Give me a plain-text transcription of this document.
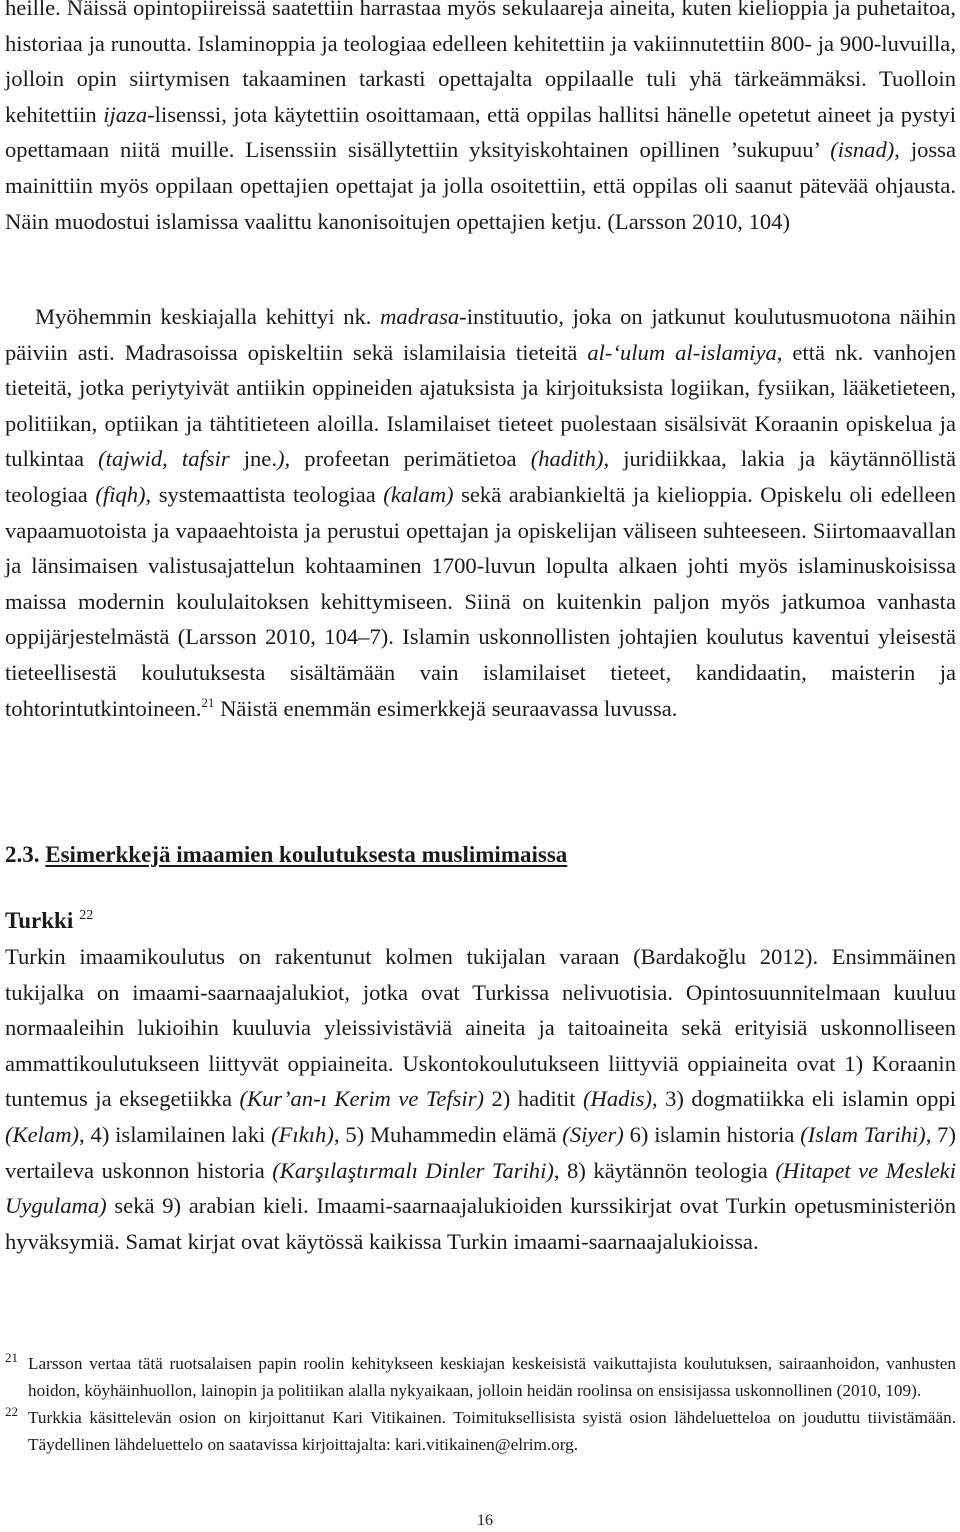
heille. Näissä opintopiireissä saatettiin harrastaa myös sekulaareja aineita, kuten kielioppia ja puhetaitoa, historiaa ja runoutta. Islaminoppia ja teologiaa edelleen kehitettiin ja vakiinnutettiin 800- ja 900-luvuilla, jolloin opin siirtymisen takaaminen tarkasti opettajalta oppilaalle tuli yhä tärkeämmäksi. Tuolloin kehitettiin ijaza-lisenssi, jota käytettiin osoittamaan, että oppilas hallitsi hänelle opetetut aineet ja pystyi opettamaan niitä muille. Lisenssiin sisällytettiin yksityiskohtainen opillinen ’sukupuu’ (isnad), jossa mainittiin myös oppilaan opettajien opettajat ja jolla osoitettiin, että oppilas oli saanut pätevää ohjausta. Näin muodostui islamissa vaalittu kanonisoitujen opettajien ketju. (Larsson 2010, 104)

Myöhemmin keskiajalla kehittyi nk. madrasa-instituutio, joka on jatkunut koulutusmuotona näihin päiviin asti. Madrasoissa opiskeltiin sekä islamilaisia tieteitä al-‘ulum al-islamiya, että nk. vanhojen tieteitä, jotka periytyivät antiikin oppineiden ajatuksista ja kirjoituksista logiikan, fysiikan, lääketieteen, politiikan, optiikan ja tähtitieteen aloilla. Islamilaiset tieteet puolestaan sisälsivät Koraanin opiskelua ja tulkintaa (tajwid, tafsir jne.), profeetan perimätietoa (hadith), juridiikkaa, lakia ja käytännöllistä teologiaa (fiqh), systemaattista teologiaa (kalam) sekä arabiankieltä ja kielioppia. Opiskelu oli edelleen vapaamuotoista ja vapaaehtoista ja perustui opettajan ja opiskelijan väliseen suhteeseen. Siirtomaavallan ja länsimaisen valistusajattelun kohtaaminen 1700-luvun lopulta alkaen johti myös islaminuskoisissa maissa modernin koululaitoksen kehittymiseen. Siinä on kuitenkin paljon myös jatkumoa vanhasta oppijärjestelmästä (Larsson 2010, 104–7). Islamin uskonnollisten johtajien koulutus kaventui yleisestä tieteellisestä koulutuksesta sisältämään vain islamilaiset tieteet, kandidaatin, maisterin ja tohtorintutkintoineen.$^{21}$ Näistä enemmän esimerkkejä seuraavassa luvussa.

2.3. Esimerkkejä imaamien koulutuksesta muslimimaissa
Turkki $^{22}$

Turkin imaamikoulutus on rakentunut kolmen tukijalan varaan (Bardakoğlu 2012). Ensimmäinen tukijalka on imaami-saarnaajalukiot, jotka ovat Turkissa nelivuotisia. Opintosuunnitelmaan kuuluu normaaleihin lukioihin kuuluvia yleissivistäviä aineita ja taitoaineita sekä erityisiä uskonnolliseen ammattikoulutukseen liittyvät oppiaineita. Uskontokoulutukseen liittyviä oppiaineita ovat 1) Koraanin tuntemus ja eksegetiikka (Kur’an-ı Kerim ve Tefsir) 2) haditit (Hadis), 3) dogmatiikka eli islamin oppi (Kelam), 4) islamilainen laki (Fıkıh), 5) Muhammedin elämä (Siyer) 6) islamin historia (Islam Tarihi), 7) vertaileva uskonnon historia (Karşılaştırmalı Dinler Tarihi), 8) käytännön teologia (Hitapet ve Mesleki Uygulama) sekä 9) arabian kieli. Imaami-saarnaajalukioiden kurssikirjat ovat Turkin opetusministeriön hyväksymiä. Samat kirjat ovat käytössä kaikissa Turkin imaami-saarnaajalukioissa.

21 Larsson vertaa tätä ruotsalaisen papin roolin kehitykseen keskiajan keskeisistä vaikuttajista koulutuksen, sairaanhoidon, vanhusten hoidon, köyhäinhuollon, lainopin ja politiikan alalla nykyaikaan, jolloin heidän roolinsa on ensisijassa uskonnollinen (2010, 109).

22 Turkkia käsittelevän osion on kirjoittanut Kari Vitikainen. Toimituksellisista syistä osion lähdeluetteloa on jouduttu tiivistämään. Täydellinen lähdeluettelo on saatavissa kirjoittajalta: kari.vitikainen@elrim.org.

16
